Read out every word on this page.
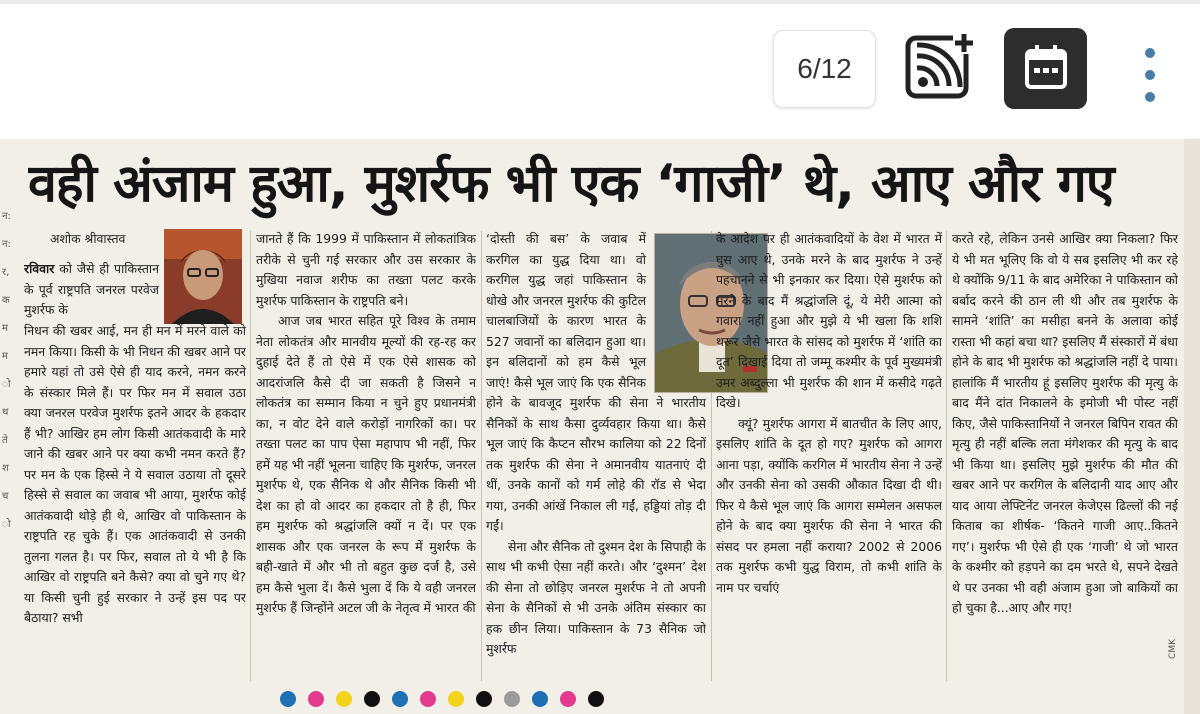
6/12
न:
न:
र,
क
म
म
ो
थ
ते
श
च
ो
वही अंजाम हुआ, मुशर्रफ भी एक ‘गाजी’ थे, आए और गए
अशोक श्रीवास्तव
रविवार को जैसे ही पाकिस्तान के पूर्व राष्ट्रपति जनरल परवेज मुशर्रफ के

निधन की खबर आई, मन ही मन में मरने वाले को नमन किया। किसी के भी निधन की खबर आने पर हमारे यहां तो उसे ऐसे ही याद करने, नमन करने के संस्कार मिले हैं। पर फिर मन में सवाल उठा क्या जनरल परवेज मुशर्रफ इतने आदर के हकदार हैं भी? आखिर हम लोग किसी आतंकवादी के मारे जाने की खबर आने पर क्या कभी नमन करते हैं? पर मन के एक हिस्से ने ये सवाल उठाया तो दूसरे हिस्से से सवाल का जवाब भी आया, मुशर्रफ कोई आतंकवादी थोड़े ही थे, आखिर वो पाकिस्तान के राष्ट्रपति रह चुके हैं। एक आतंकवादी से उनकी तुलना गलत है। पर फिर, सवाल तो ये भी है कि आखिर वो राष्ट्रपति बने कैसे? क्या वो चुने गए थे? या किसी चुनी हुई सरकार ने उन्हें इस पद पर बैठाया? सभी

जानते हैं कि 1999 में पाकिस्तान में लोकतांत्रिक तरीके से चुनी गई सरकार और उस सरकार के मुखिया नवाज शरीफ का तख्ता पलट करके मुशर्रफ पाकिस्तान के राष्ट्रपति बने।

आज जब भारत सहित पूरे विश्व के तमाम नेता लोकतंत्र और मानवीय मूल्यों की रह-रह कर दुहाई देते हैं तो ऐसे में एक ऐसे शासक को आदरांजलि कैसे दी जा सकती है जिसने न लोकतंत्र का सम्मान किया न चुने हुए प्रधानमंत्री का, न वोट देने वाले करोड़ों नागरिकों का। पर तख्ता पलट का पाप ऐसा महापाप भी नहीं, फिर हमें यह भी नहीं भूलना चाहिए कि मुशर्रफ, जनरल मुशर्रफ थे, एक सैनिक थे और सैनिक किसी भी देश का हो वो आदर का हकदार तो है ही, फिर हम मुशर्रफ को श्रद्धांजलि क्यों न दें। पर एक शासक और एक जनरल के रूप में मुशर्रफ के बही-खाते में और भी तो बहुत कुछ दर्ज है, उसे हम कैसे भुला दें। कैसे भुला दें कि ये वही जनरल मुशर्रफ हैं जिन्होंने अटल जी के नेतृत्व में भारत की

‘दोस्ती की बस’ के जवाब में करगिल का युद्ध दिया था। वो करगिल युद्ध जहां पाकिस्तान के धोखे और जनरल मुशर्रफ की कुटिल चालबाजियों के कारण भारत के 527 जवानों का बलिदान हुआ था। इन बलिदानों को हम कैसे भूल जाएं! कैसे भूल जाएं कि एक सैनिक होने के बावजूद मुशर्रफ की सेना ने भारतीय सैनिकों के साथ कैसा दुर्व्यवहार किया था। कैसे भूल जाएं कि कैप्टन सौरभ कालिया को 22 दिनों तक मुशर्रफ की सेना ने अमानवीय यातनाएं दी थीं, उनके कानों को गर्म लोहे की रॉड से भेदा गया, उनकी आंखें निकाल ली गईं, हड्डियां तोड़ दी गईं।

सेना और सैनिक तो दुश्मन देश के सिपाही के साथ भी कभी ऐसा नहीं करते। और ‘दुश्मन’ देश की सेना तो छोड़िए जनरल मुशर्रफ ने तो अपनी सेना के सैनिकों से भी उनके अंतिम संस्कार का हक छीन लिया। पाकिस्तान के 73 सैनिक जो मुशर्रफ

के आदेश पर ही आतंकवादियों के वेश में भारत में घुस आए थे, उनके मरने के बाद मुशर्रफ ने उन्हें पहचानने से भी इनकार कर दिया। ऐसे मुशर्रफ को मरने के बाद मैं श्रद्धांजलि दूं, ये मेरी आत्मा को गवारा नहीं हुआ और मुझे ये भी खला कि शशि थरूर जैसे भारत के सांसद को मुशर्रफ में ‘शांति का दूत’ दिखाई दिया तो जम्मू कश्मीर के पूर्व मुख्यमंत्री उमर अब्दुल्ला भी मुशर्रफ की शान में कसीदे गढ़ते दिखे।

क्यूं? मुशर्रफ आगरा में बातचीत के लिए आए, इसलिए शांति के दूत हो गए? मुशर्रफ को आगरा आना पड़ा, क्योंकि करगिल में भारतीय सेना ने उन्हें और उनकी सेना को उसकी औकात दिखा दी थी। फिर ये कैसे भूल जाएं कि आगरा सम्मेलन असफल होने के बाद क्या मुशर्रफ की सेना ने भारत की संसद पर हमला नहीं कराया? 2002 से 2006 तक मुशर्रफ कभी युद्ध विराम, तो कभी शांति के नाम पर चर्चाएं

करते रहे, लेकिन उनसे आखिर क्या निकला? फिर ये भी मत भूलिए कि वो ये सब इसलिए भी कर रहे थे क्योंकि 9/11 के बाद अमेरिका ने पाकिस्तान को बर्बाद करने की ठान ली थी और तब मुशर्रफ के सामने ‘शांति’ का मसीहा बनने के अलावा कोई रास्ता भी कहां बचा था? इसलिए मैं संस्कारों में बंधा होने के बाद भी मुशर्रफ को श्रद्धांजलि नहीं दे पाया। हालांकि मैं भारतीय हूं इसलिए मुशर्रफ की मृत्यु के बाद मैंने दांत निकालने के इमोजी भी पोस्ट नहीं किए, जैसे पाकिस्तानियों ने जनरल बिपिन रावत की मृत्यु ही नहीं बल्कि लता मंगेशकर की मृत्यु के बाद भी किया था। इसलिए मुझे मुशर्रफ की मौत की खबर आने पर करगिल के बलिदानी याद आए और याद आया लेफ्टिनेंट जनरल केजेएस ढिल्लों की नई किताब का शीर्षक- ‘कितने गाजी आए..कितने गए’। मुशर्रफ भी ऐसे ही एक ‘गाजी’ थे जो भारत के कश्मीर को हड़पने का दम भरते थे, सपने देखते थे पर उनका भी वही अंजाम हुआ जो बाकियों का हो चुका है...आए और गए!

CMK
